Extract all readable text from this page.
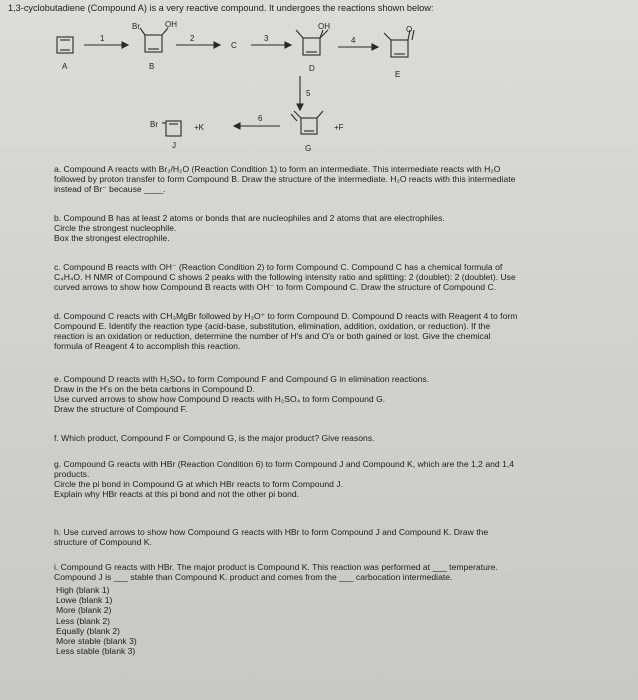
1,3-cyclobutadiene (Compound A) is a very reactive compound. It undergoes the reactions shown below:
A
1
Br	OH
B
2
C
3
OH
D
4
O
E
5
Br
J
+K
6
+F
G
a. Compound A reacts with Br₂/H₂O (Reaction Condition 1) to form an intermediate. This intermediate reacts with H₂O
followed by proton transfer to form Compound B. Draw the structure of the intermediate. H₂O reacts with this intermediate
instead of Br⁻ because ____.
b. Compound B has at least 2 atoms or bonds that are nucleophiles and 2 atoms that are electrophiles.
Circle the strongest nucleophile.
Box the strongest electrophile.
c. Compound B reacts with OH⁻ (Reaction Condition 2) to form Compound C. Compound C has a chemical formula of
C₄H₄O. H NMR of Compound C shows 2 peaks with the following intensity ratio and splitting: 2 (doublet): 2 (doublet). Use
curved arrows to show how Compound B reacts with OH⁻ to form Compound C. Draw the structure of Compound C.
d. Compound C reacts with CH₃MgBr followed by H₃O⁺ to form Compound D. Compound D reacts with Reagent 4 to form
Compound E. Identify the reaction type (acid-base, substitution, elimination, addition, oxidation, or reduction). If the
reaction is an oxidation or reduction, determine the number of H's and O's or both gained or lost. Give the chemical
formula of Reagent 4 to accomplish this reaction.
e. Compound D reacts with H₂SO₄ to form Compound F and Compound G in elimination reactions.
Draw in the H's on the beta carbons in Compound D.
Use curved arrows to show how Compound D reacts with H₂SO₄ to form Compound G.
Draw the structure of Compound F.
f. Which product, Compound F or Compound G, is the major product? Give reasons.
g. Compound G reacts with HBr (Reaction Condition 6) to form Compound J and Compound K, which are the 1,2 and 1,4
products.
Circle the pi bond in Compound G at which HBr reacts to form Compound J.
Explain why HBr reacts at this pi bond and not the other pi bond.
h. Use curved arrows to show how Compound G reacts with HBr to form Compound J and Compound K. Draw the
structure of Compound K.
i. Compound G reacts with HBr. The major product is Compound K. This reaction was performed at ___ temperature.
Compound J is ___ stable than Compound K. product and comes from the ___ carbocation intermediate.
High (blank 1)
Lowe (blank 1)
More (blank 2)
Less (blank 2)
Equally (blank 2)
More stable (blank 3)
Less stable (blank 3)
